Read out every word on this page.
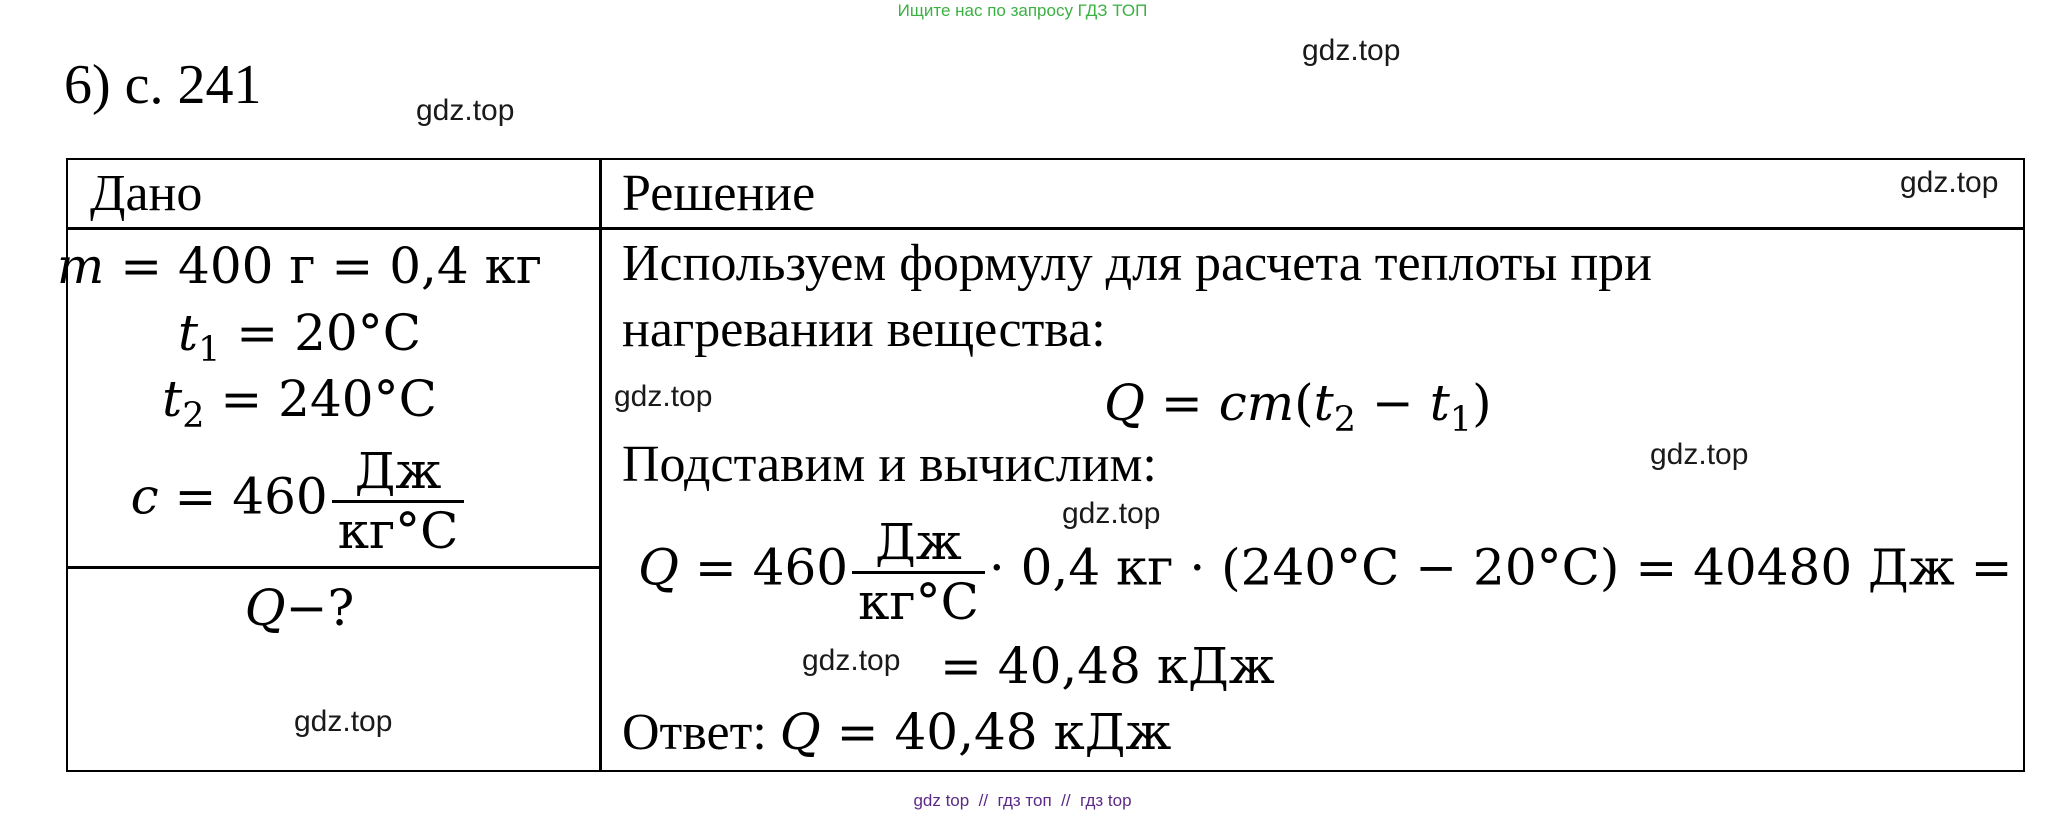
Ищите нас по запросу ГДЗ ТОП
gdz.top
6) с. 241	gdz.top
Дано	Решение	gdz.top
m = 400 г = 0,4 кг
$t_1 = 20^\circ C$
$t_2 = 240^\circ C$
$c = 460 \frac{Дж}{кг^\circ C}$
Q−?
gdz.top
Используем формулу для расчета теплоты при
нагревании вещества:
gdz.top	$Q = cm(t_2 - t_1)$
Подставим и вычислим:	gdz.top
gdz.top
$Q = 460 \frac{Дж}{кг^\circ C} \cdot 0,4$ кг · (240°C − 20°C) = 40480 Дж =
gdz.top = 40,48 кДж
Ответ: Q = 40,48 кДж
gdz top  //  гдз топ  //  гдз top
